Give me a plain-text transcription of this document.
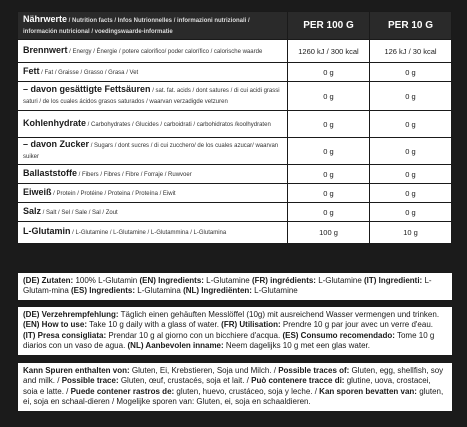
Nährwerte / Nutrition facts / Infos Nutrionnelles / informazioni nutrizionali / información nutricional / voedingswaarde-informatie	PER 100 G	PER 10 G
Brennwert / Energy / Énergie / potere calorifico/ poder calorífico / calorische waarde	1260 kJ / 300 kcal	126 kJ / 30 kcal
Fett / Fat / Graisse / Grasso / Grasa / Vet	0 g	0 g
– davon gesättigte Fettsäuren / sat. fat. acids / dont satures / di cui acidi grassi saturi / de los cuales ácidos grasos saturados / waarvan verzadigde vetzuren	0 g	0 g
Kohlenhydrate / Carbohydrates / Glucides / carboidrati / carbohidratos /koolhydraten	0 g	0 g
– davon Zucker / Sugars / dont sucres / di cui zucchero/ de los cuales azucar/ waarvan suiker	0 g	0 g
Ballaststoffe / Fibers / Fibres / Fibre / Forraje / Ruwvoer	0 g	0 g
Eiweiß / Protein / Protéine / Proteina / Proteína / Eiwit	0 g	0 g
Salz / Salt / Sel / Sale / Sal / Zout	0 g	0 g
L-Glutamin / L-Glutamine / L-Glutamine / L-Glutammina / L-Glutamina	100 g	10 g
(DE) Zutaten: 100% L-Glutamin (EN) Ingredients: L-Glutamine (FR) ingrédients: L-Glutamine (IT) Ingredienti: L-Glutam-mina (ES) Ingredients: L-Glutamina (NL) Ingrediënten: L-Glutamine
(DE) Verzehrempfehlung: Täglich einen gehäuften Messlöffel (10g) mit ausreichend Wasser vermengen und trinken. (EN) How to use: Take 10 g daily with a glass of water. (FR) Utilisation: Prendre 10 g par jour avec un verre d'eau. (IT) Presa consigliata: Prendar 10 g al giorno con un bicchiere d'acqua. (ES) Consumo recomendado: Tome 10 g diarios con un vaso de agua. (NL) Aanbevolen inname: Neem dagelijks 10 g met een glas water.
Kann Spuren enthalten von: Gluten, Ei, Krebstieren, Soja und Milch. / Possible traces of: Gluten, egg, shellfish, soy and milk. / Possible trace: Gluten, œuf, crustacés, soja et lait. / Può contenere tracce di: glutine, uova, crostacei, soia e latte. / Puede contener rastros de: gluten, huevo, crustáceo, soja y leche. / Kan sporen bevatten van: gluten, ei, soja en schaal-dieren / Mogelijke sporen van: Gluten, ei, soja en schaaldieren.
